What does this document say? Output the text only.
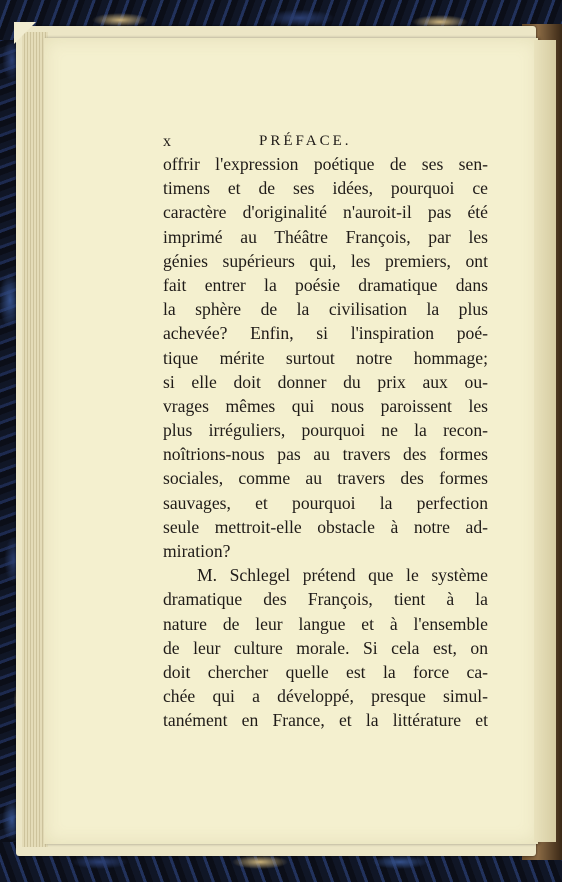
x	PRÉFACE.
offrir l'expression poétique de ses sen-
timens et de ses idées, pourquoi ce
caractère d'originalité n'auroit-il pas été
imprimé au Théâtre François, par les
génies supérieurs qui, les premiers, ont
fait entrer la poésie dramatique dans
la sphère de la civilisation la plus
achevée? Enfin, si l'inspiration poé-
tique mérite surtout notre hommage;
si elle doit donner du prix aux ou-
vrages mêmes qui nous paroissent les
plus irréguliers, pourquoi ne la recon-
noîtrions-nous pas au travers des formes
sociales, comme au travers des formes
sauvages, et pourquoi la perfection
seule mettroit-elle obstacle à notre ad-
miration?
M. Schlegel prétend que le système
dramatique des François, tient à la
nature de leur langue et à l'ensemble
de leur culture morale. Si cela est, on
doit chercher quelle est la force ca-
chée qui a développé, presque simul-
tanément en France, et la littérature et
